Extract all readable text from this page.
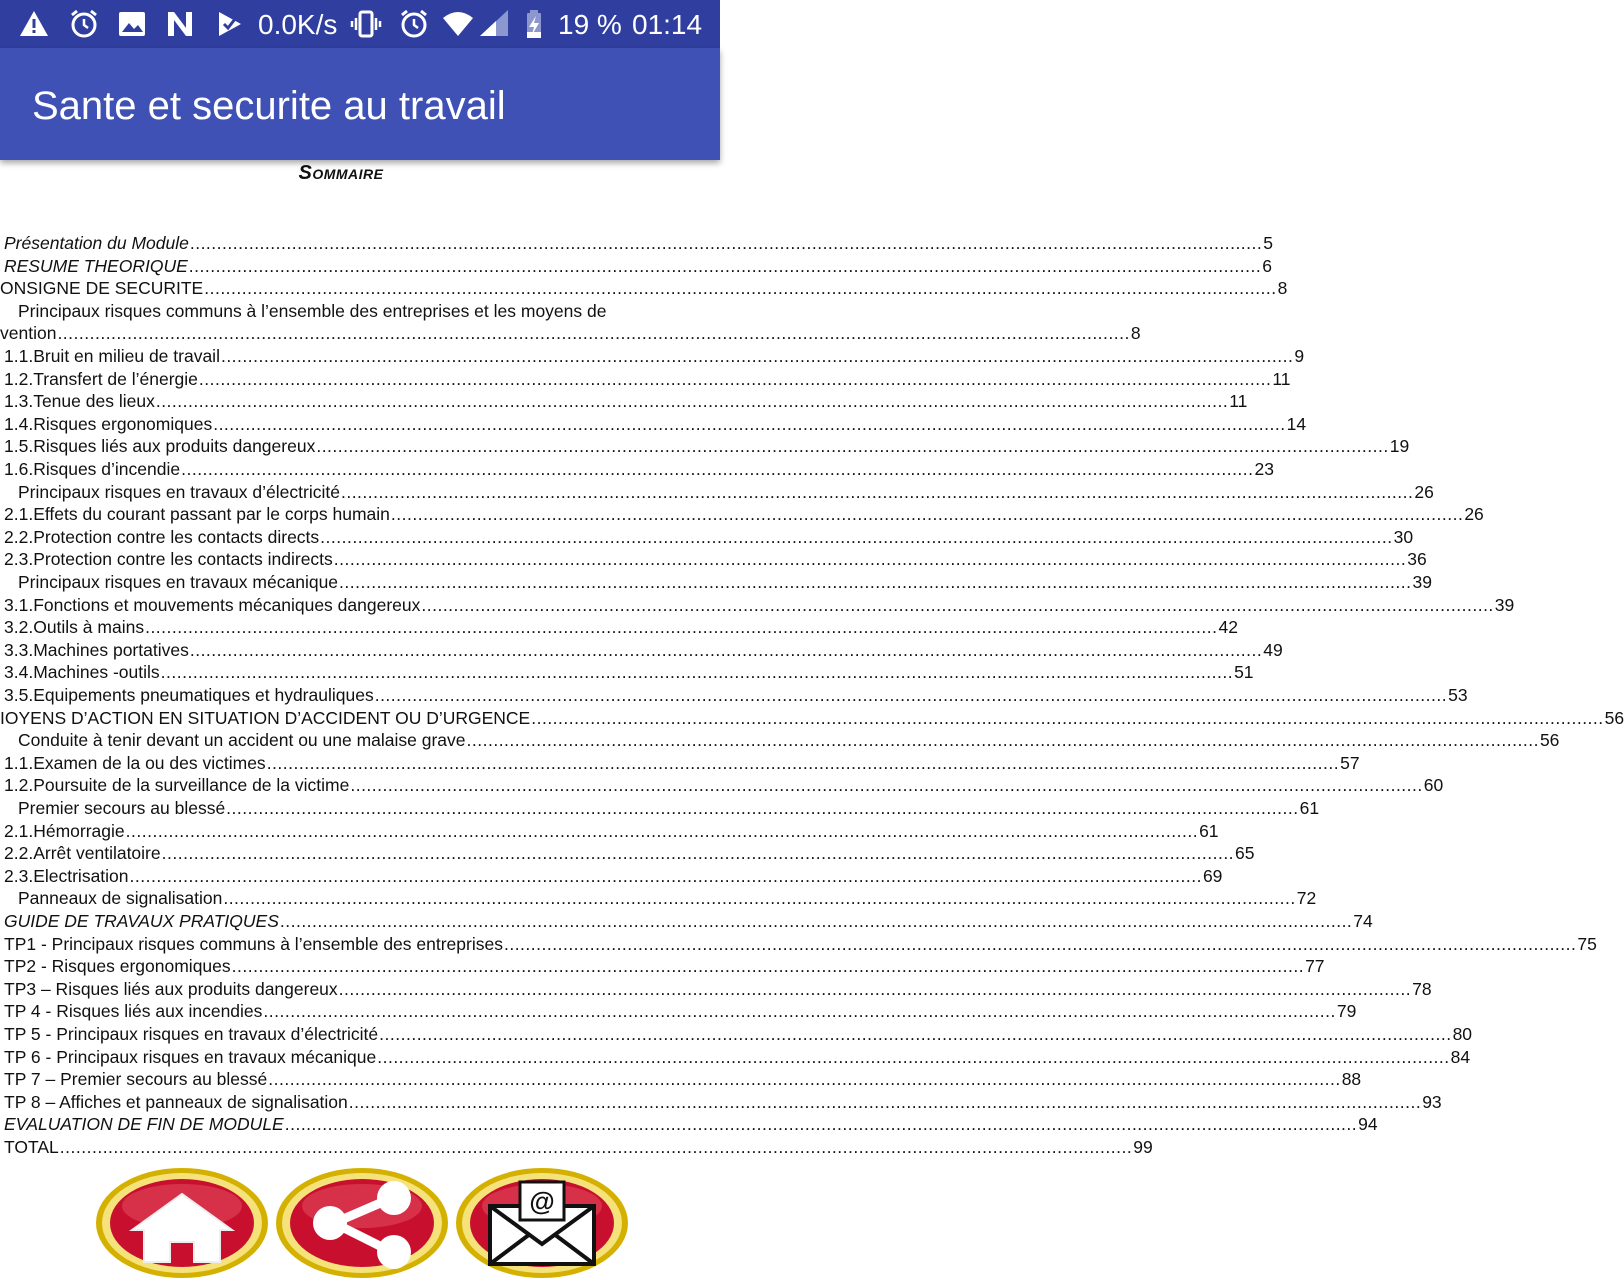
0.0K/s	19 % 01:14
Sante et securite au travail
SOMMAIRE
Présentation du Module ........................................................................................................................................................................................................ 5
RESUME THEORIQUE ........................................................................................................................................................................................................ 6
ONSIGNE DE SECURITE ........................................................................................................................................................................................................ 8
Principaux risques communs à l’ensemble des entreprises et les moyens de
vention ........................................................................................................................................................................................................ 8
1.1. Bruit en milieu de travail ........................................................................................................................................................................................................ 9
1.2. Transfert de l’énergie ........................................................................................................................................................................................................ 11
1.3. Tenue des lieux ........................................................................................................................................................................................................ 11
1.4. Risques ergonomiques ........................................................................................................................................................................................................ 14
1.5. Risques liés aux produits dangereux ........................................................................................................................................................................................................ 19
1.6. Risques d’incendie ........................................................................................................................................................................................................ 23
Principaux risques en travaux d’électricité ........................................................................................................................................................................................................ 26
2.1. Effets du courant passant par le corps humain ........................................................................................................................................................................................................ 26
2.2. Protection contre les contacts directs ........................................................................................................................................................................................................ 30
2.3. Protection contre les contacts indirects ........................................................................................................................................................................................................ 36
Principaux risques en travaux mécanique ........................................................................................................................................................................................................ 39
3.1. Fonctions et mouvements mécaniques dangereux ........................................................................................................................................................................................................ 39
3.2. Outils à mains ........................................................................................................................................................................................................ 42
3.3. Machines portatives ........................................................................................................................................................................................................ 49
3.4. Machines -outils ........................................................................................................................................................................................................ 51
3.5. Equipements pneumatiques et hydrauliques ........................................................................................................................................................................................................ 53
IOYENS D’ACTION EN SITUATION D’ACCIDENT OU D’URGENCE ........................................................................................................................................................................................................ 56
Conduite à tenir devant un accident ou une malaise grave ........................................................................................................................................................................................................ 56
1.1. Examen de la ou des victimes ........................................................................................................................................................................................................ 57
1.2. Poursuite de la surveillance de la victime ........................................................................................................................................................................................................ 60
Premier secours au blessé ........................................................................................................................................................................................................ 61
2.1. Hémorragie ........................................................................................................................................................................................................ 61
2.2. Arrêt ventilatoire ........................................................................................................................................................................................................ 65
2.3. Electrisation ........................................................................................................................................................................................................ 69
Panneaux de signalisation ........................................................................................................................................................................................................ 72
GUIDE DE TRAVAUX PRATIQUES ........................................................................................................................................................................................................ 74
TP1 - Principaux risques communs à l’ensemble des entreprises ........................................................................................................................................................................................................ 75
TP2 - Risques ergonomiques ........................................................................................................................................................................................................ 77
TP3 – Risques liés aux produits dangereux ........................................................................................................................................................................................................ 78
TP 4 - Risques liés aux incendies ........................................................................................................................................................................................................ 79
TP 5 - Principaux risques en travaux d’électricité ........................................................................................................................................................................................................ 80
TP 6 - Principaux risques en travaux mécanique ........................................................................................................................................................................................................ 84
TP 7 – Premier secours au blessé ........................................................................................................................................................................................................ 88
TP 8 – Affiches et panneaux de signalisation ........................................................................................................................................................................................................ 93
EVALUATION DE FIN DE MODULE ........................................................................................................................................................................................................ 94
TOTAL ........................................................................................................................................................................................................ 99
@
